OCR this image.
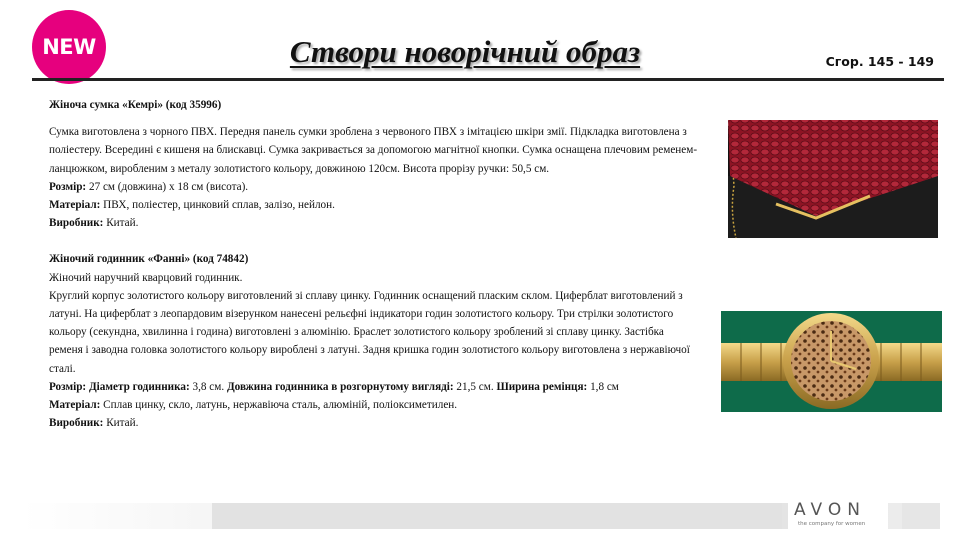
NEW	Створи новорічний образ	Сгор. 145 - 149

Жіноча сумка «Кемрі» (код 35996)

Сумка виготовлена з чорного ПВХ. Передня панель сумки зроблена з червоного ПВХ з імітацією шкіри змії. Підкладка виготовлена з поліестеру. Всередині є кишеня на блискавці. Сумка закривається за допомогою магнітної кнопки. Сумка оснащена плечовим ременем-ланцюжком, виробленим з металу золотистого кольору, довжиною 120см. Висота прорізу ручки: 50,5 см.

Розмір: 27 см (довжина) х 18 см (висота).

Матеріал: ПВХ, поліестер, цинковий сплав, залізо, нейлон.

Виробник: Китай.

Жіночий годинник «Фанні» (код 74842)

Жіночий наручний кварцовий годинник.

Круглий корпус золотистого кольору виготовлений зі сплаву цинку. Годинник оснащений пласким склом. Циферблат виготовлений з латуні. На циферблат з леопардовим візерунком нанесені рельєфні індикатори годин золотистого кольору. Три стрілки золотистого кольору (секундна, хвилинна і година) виготовлені з алюмінію. Браслет золотистого кольору зроблений зі сплаву цинку. Застібка ременя і заводна головка золотистого кольору вироблені з латуні. Задня кришка годин золотистого кольору виготовлена з нержавіючої сталі.

Розмір: Діаметр годинника: 3,8 см. Довжина годинника в розгорнутому вигляді: 21,5 см. Ширина ремінця: 1,8 см

Матеріал: Сплав цинку, скло, латунь, нержавіюча сталь, алюміній, поліоксиметилен.

Виробник: Китай.

AVON
the company for women
